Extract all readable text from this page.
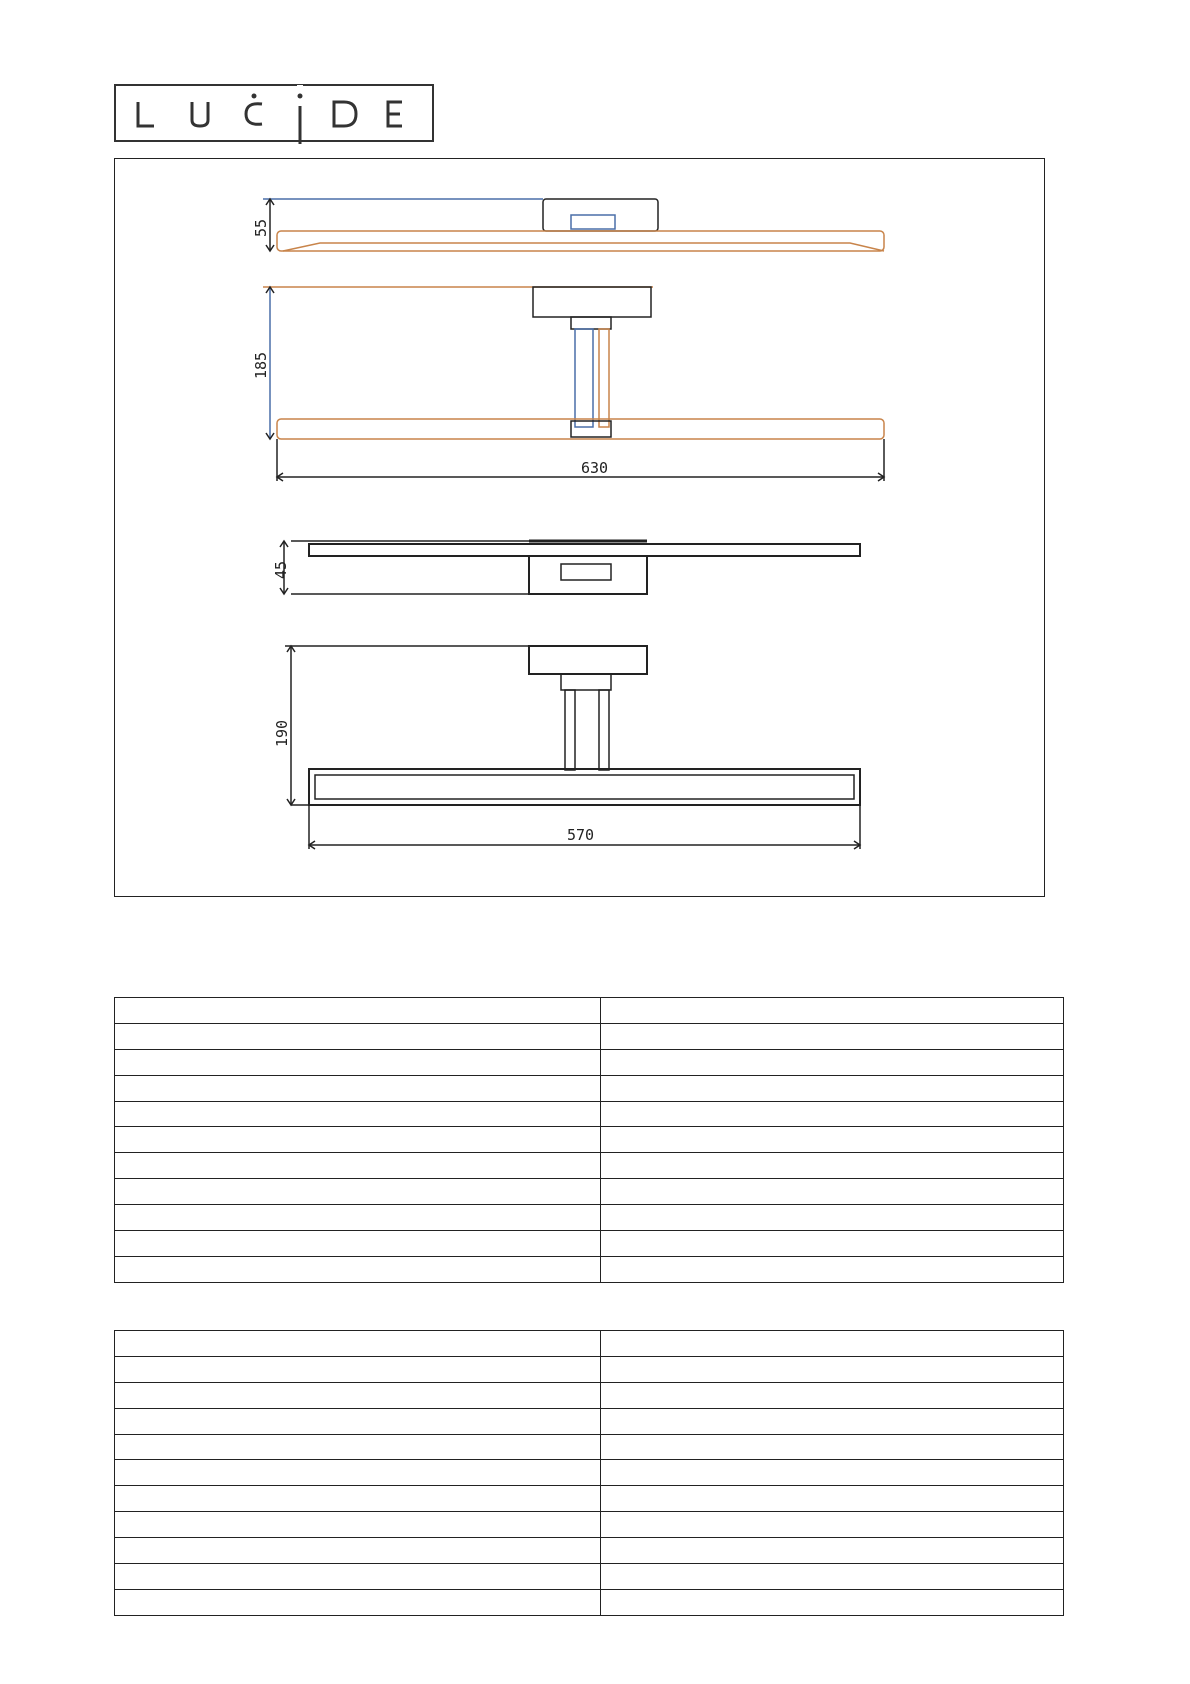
55
185
630
45
190
570
